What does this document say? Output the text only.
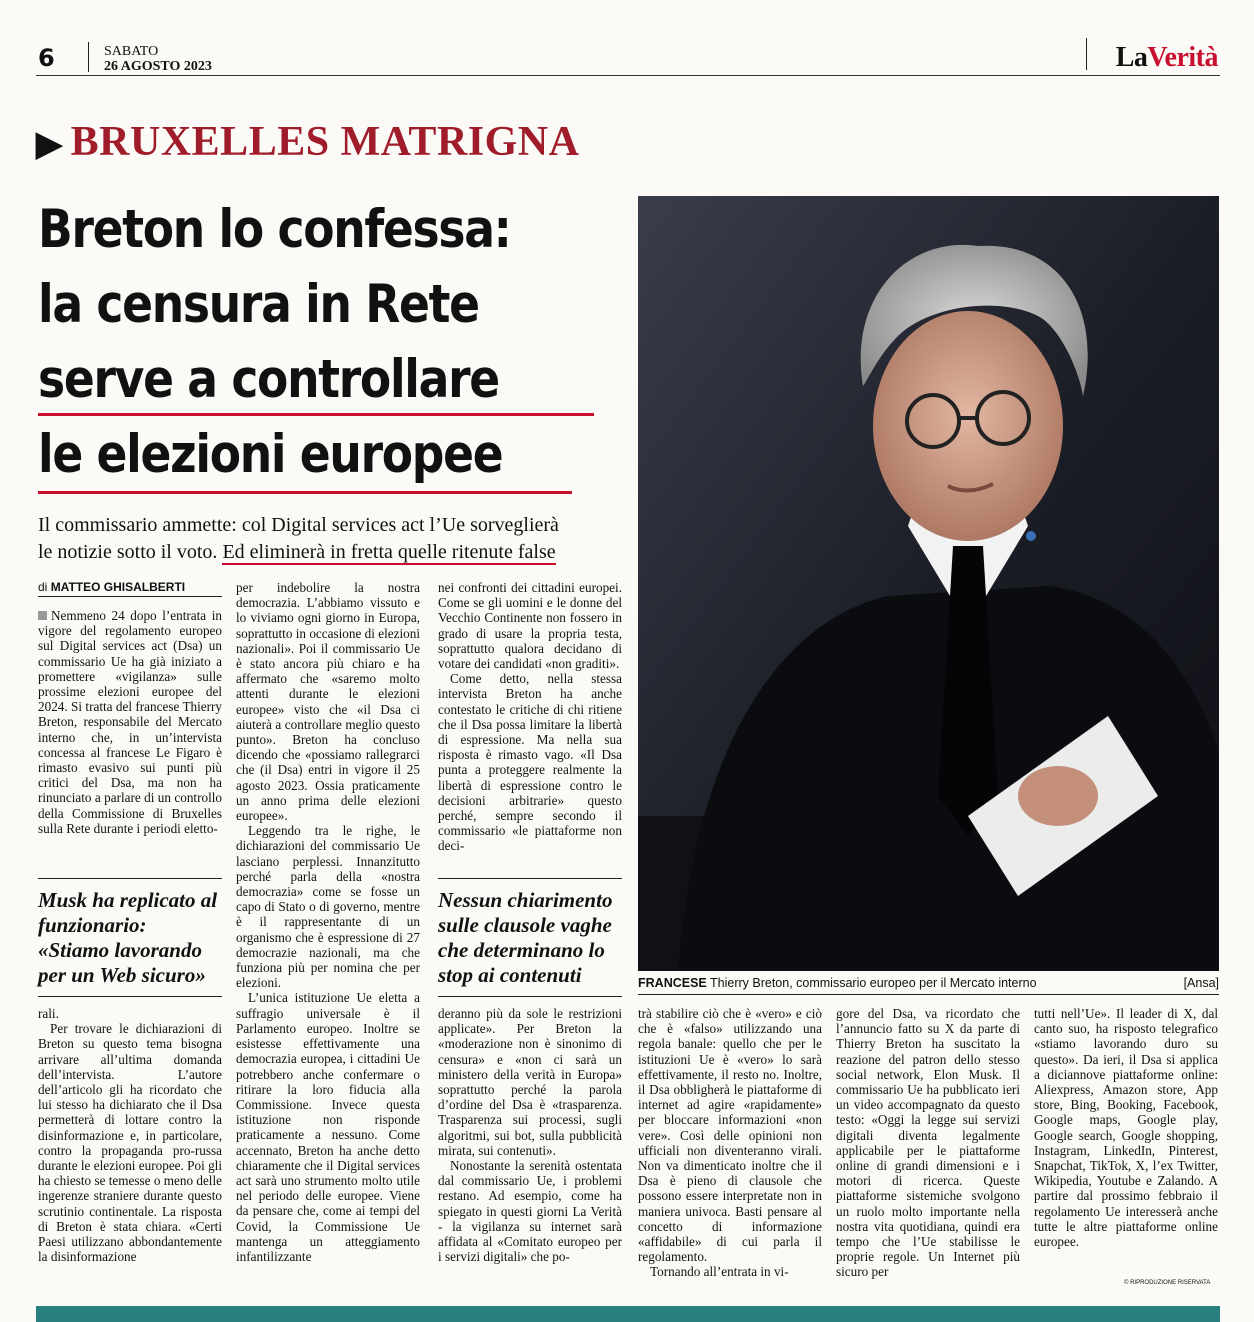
6	SABATO
26 AGOSTO 2023	LaVerità
▶ BRUXELLES MATRIGNA
Breton lo confessa:
la censura in Rete
serve a controllare
le elezioni europee
Il commissario ammette: col Digital services act l’Ue sorveglierà
le notizie sotto il voto. Ed eliminerà in fretta quelle ritenute false
di MATTEO GHISALBERTI

Nemmeno 24 dopo l’entrata in vigore del regolamento europeo sul Digital services act (Dsa) un commissario Ue ha già iniziato a promettere «vigilanza» sulle prossime elezioni europee del 2024. Si tratta del francese Thierry Breton, responsabile del Mercato interno che, in un’intervista concessa al francese Le Figaro è rimasto evasivo sui punti più critici del Dsa, ma non ha rinunciato a parlare di un controllo della Commissione di Bruxelles sulla Rete durante i periodi eletto-

per indebolire la nostra democrazia. L’abbiamo vissuto e lo viviamo ogni giorno in Europa, soprattutto in occasione di elezioni nazionali». Poi il commissario Ue è stato ancora più chiaro e ha affermato che «saremo molto attenti durante le elezioni europee» visto che «il Dsa ci aiuterà a controllare meglio questo punto». Breton ha concluso dicendo che «possiamo rallegrarci che (il Dsa) entri in vigore il 25 agosto 2023. Ossia praticamente un anno prima delle elezioni europee».

Leggendo tra le righe, le dichiarazioni del commissario Ue lasciano perplessi. Innanzitutto perché parla della «nostra democrazia» come se fosse un capo di Stato o di governo, mentre è il rappresentante di un organismo che è espressione di 27 democrazie nazionali, ma che funziona più per nomina che per elezioni.

L’unica istituzione Ue eletta a suffragio universale è il Parlamento europeo. Inoltre se esistesse effettivamente una democrazia europea, i cittadini Ue potrebbero anche confermare o ritirare la loro fiducia alla Commissione. Invece questa istituzione non risponde praticamente a nessuno. Come accennato, Breton ha anche detto chiaramente che il Digital services act sarà uno strumento molto utile nel periodo delle europee. Viene da pensare che, come ai tempi del Covid, la Commissione Ue mantenga un atteggiamento infantilizzante

nei confronti dei cittadini europei. Come se gli uomini e le donne del Vecchio Continente non fossero in grado di usare la propria testa, soprattutto qualora decidano di votare dei candidati «non graditi».

Come detto, nella stessa intervista Breton ha anche contestato le critiche di chi ritiene che il Dsa possa limitare la libertà di espressione. Ma nella sua risposta è rimasto vago. «Il Dsa punta a proteggere realmente la libertà di espressione contro le decisioni arbitrarie» questo perché, sempre secondo il commissario «le piattaforme non deci-

Musk ha replicato al funzionario: «Stiamo lavorando per un Web sicuro»
Nessun chiarimento sulle clausole vaghe che determinano lo stop ai contenuti

rali.

Per trovare le dichiarazioni di Breton su questo tema bisogna arrivare all’ultima domanda dell’intervista. L’autore dell’articolo gli ha ricordato che lui stesso ha dichiarato che il Dsa permetterà di lottare contro la disinformazione e, in particolare, contro la propaganda pro-russa durante le elezioni europee. Poi gli ha chiesto se temesse o meno delle ingerenze straniere durante questo scrutinio continentale. La risposta di Breton è stata chiara. «Certi Paesi utilizzano abbondantemente la disinformazione

deranno più da sole le restrizioni applicate». Per Breton la «moderazione non è sinonimo di censura» e «non ci sarà un ministero della verità in Europa» soprattutto perché la parola d’ordine del Dsa è «trasparenza. Trasparenza sui processi, sugli algoritmi, sui bot, sulla pubblicità mirata, sui contenuti».

Nonostante la serenità ostentata dal commissario Ue, i problemi restano. Ad esempio, come ha spiegato in questi giorni La Verità - la vigilanza su internet sarà affidata al «Comitato europeo per i servizi digitali» che po-

trà stabilire ciò che è «vero» e ciò che è «falso» utilizzando una regola banale: quello che per le istituzioni Ue è «vero» lo sarà effettivamente, il resto no. Inoltre, il Dsa obbligherà le piattaforme di internet ad agire «rapidamente» per bloccare informazioni «non vere». Così delle opinioni non ufficiali non diventeranno virali. Non va dimenticato inoltre che il Dsa è pieno di clausole che possono essere interpretate non in maniera univoca. Basti pensare al concetto di informazione «affidabile» di cui parla il regolamento.

Tornando all’entrata in vi-

gore del Dsa, va ricordato che l’annuncio fatto su X da parte di Thierry Breton ha suscitato la reazione del patron dello stesso social network, Elon Musk. Il commissario Ue ha pubblicato ieri un video accompagnato da questo testo: «Oggi la legge sui servizi digitali diventa legalmente applicabile per le piattaforme online di grandi dimensioni e i motori di ricerca. Queste piattaforme sistemiche svolgono un ruolo molto importante nella nostra vita quotidiana, quindi era tempo che l’Ue stabilisse le proprie regole. Un Internet più sicuro per

tutti nell’Ue». Il leader di X, dal canto suo, ha risposto telegrafico «stiamo lavorando duro su questo». Da ieri, il Dsa si applica a diciannove piattaforme online: Aliexpress, Amazon store, App store, Bing, Booking, Facebook, Google maps, Google play, Google search, Google shopping, Instagram, LinkedIn, Pinterest, Snapchat, TikTok, X, l’ex Twitter, Wikipedia, Youtube e Zalando. A partire dal prossimo febbraio il regolamento Ue interesserà anche tutte le altre piattaforme online europee.

FRANCESE Thierry Breton, commissario europeo per il Mercato interno	[Ansa]
© RIPRODUZIONE RISERVATA
